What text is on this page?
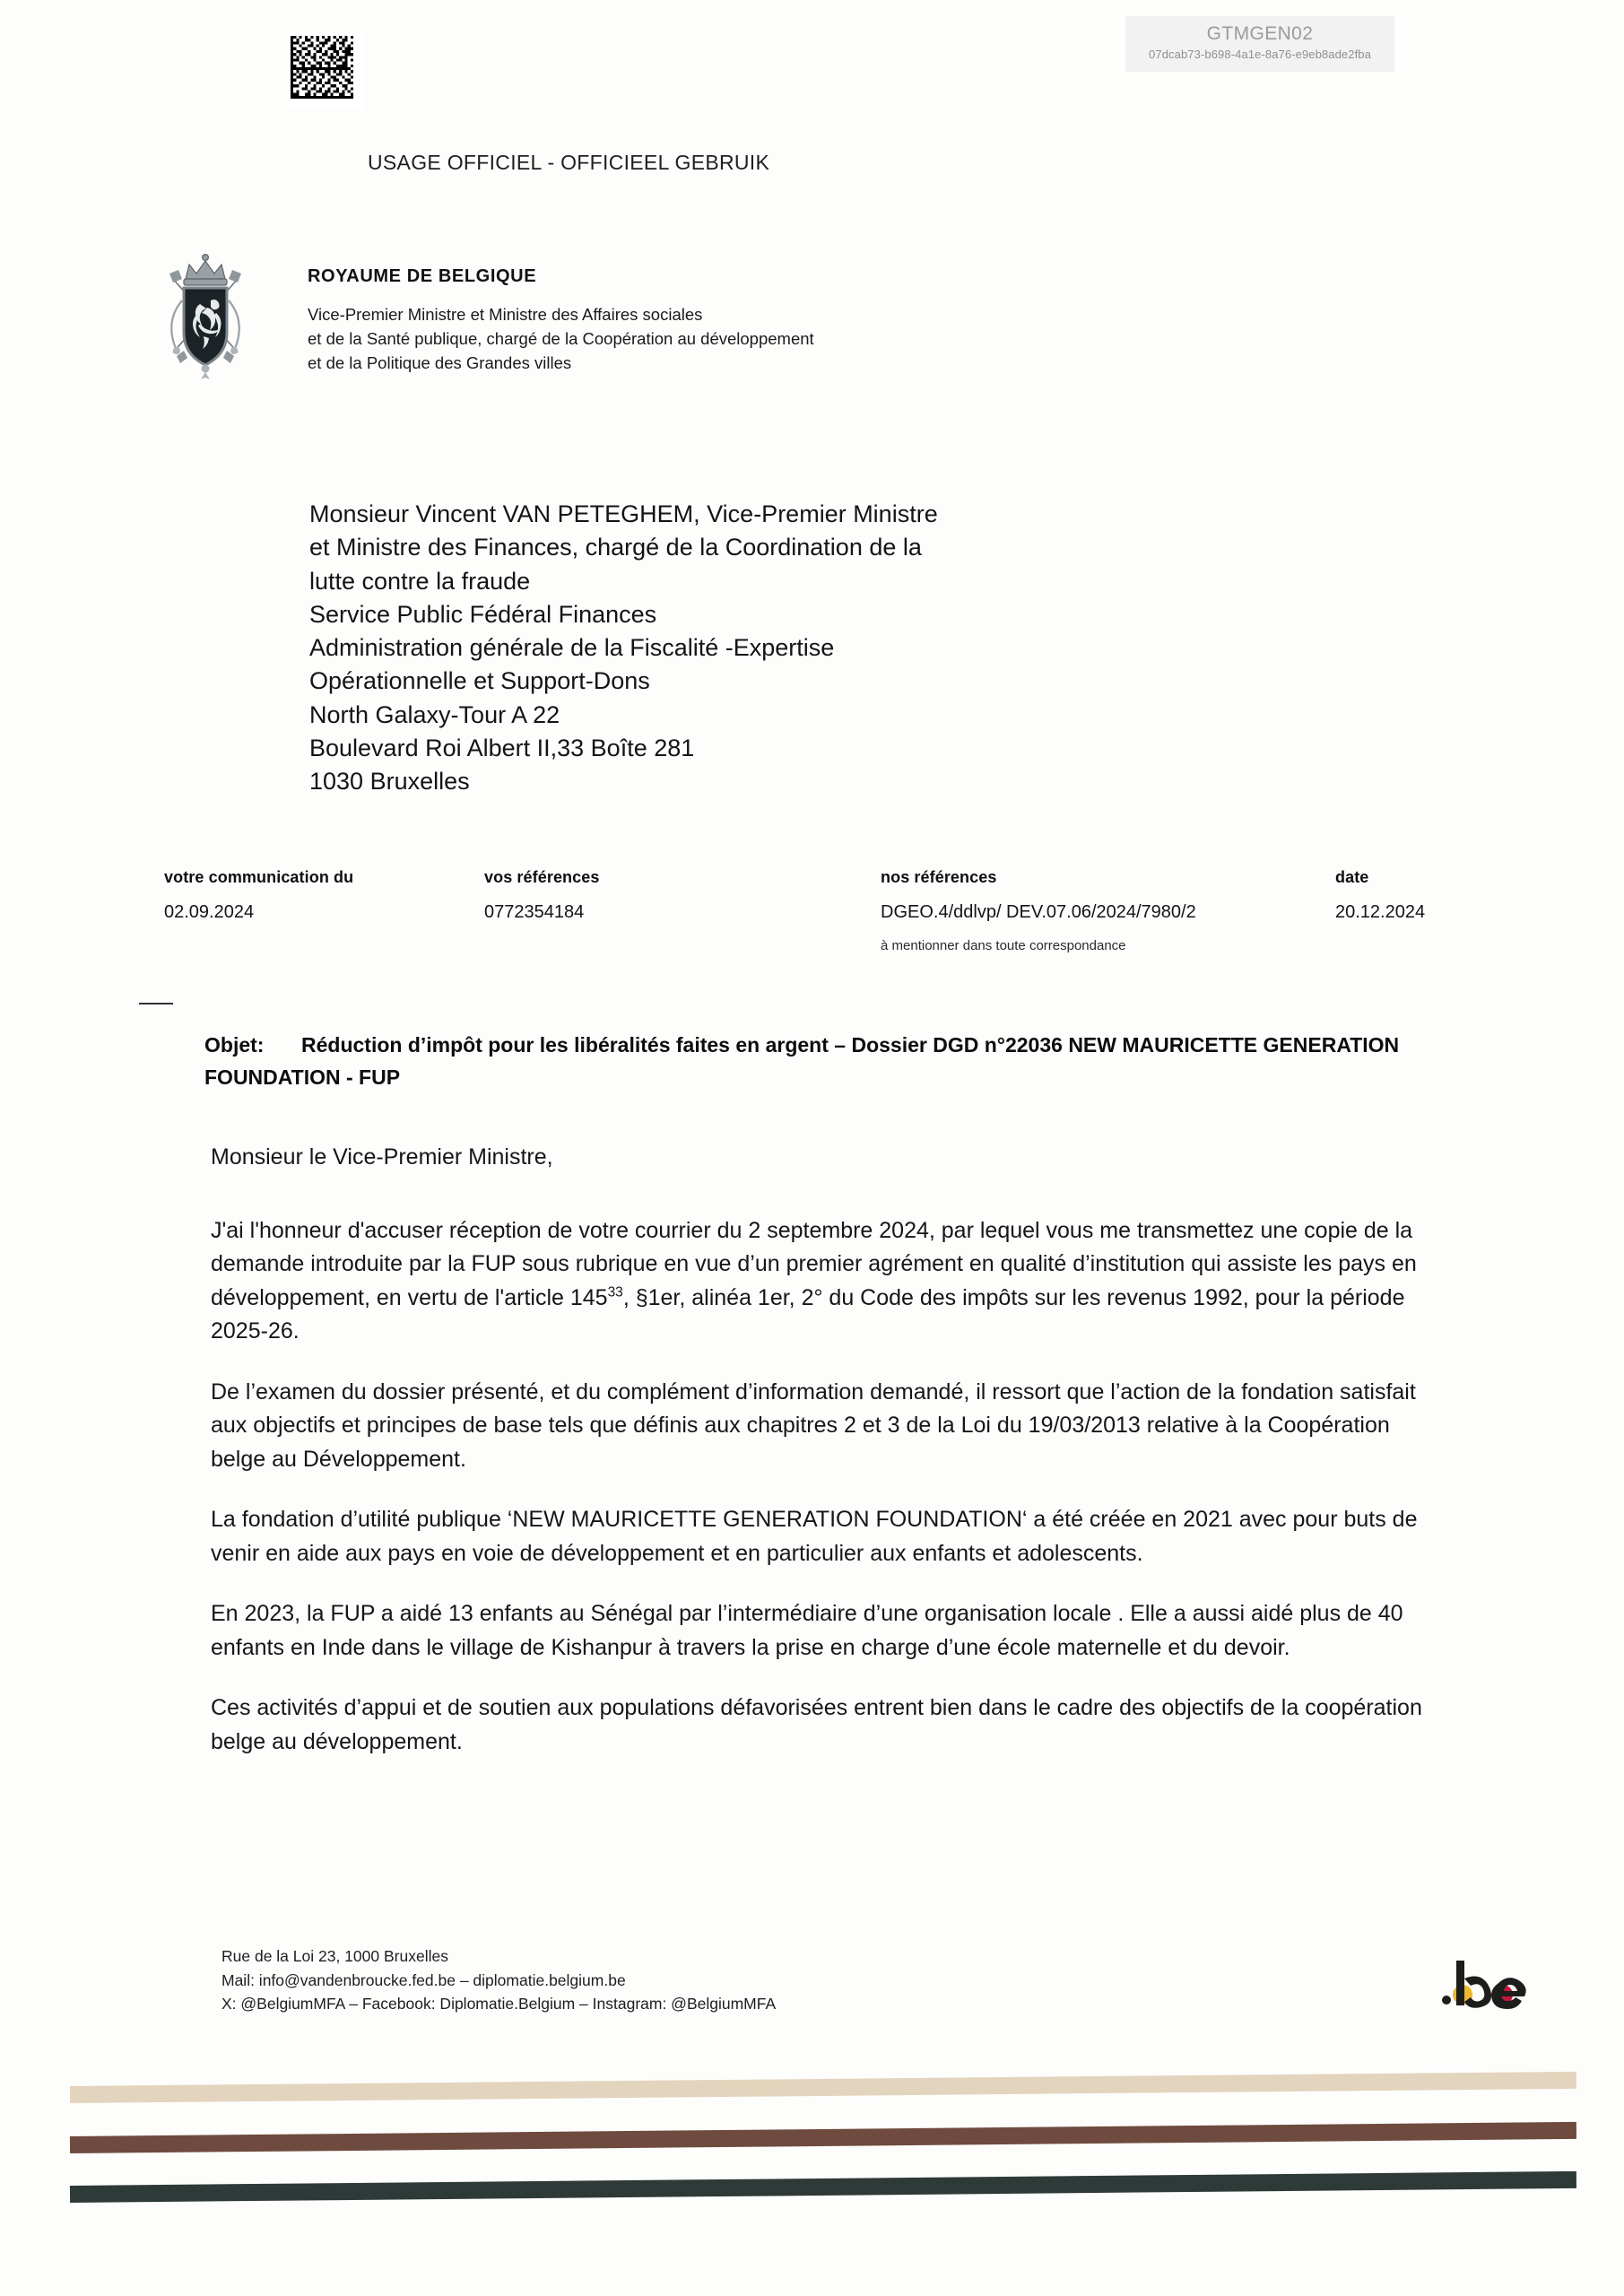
GTMGEN02
07dcab73-b698-4a1e-8a76-e9eb8ade2fba
USAGE OFFICIEL - OFFICIEEL GEBRUIK
ROYAUME DE BELGIQUE
Vice-Premier Ministre et Ministre des Affaires sociales
et de la Santé publique, chargé de la Coopération au développement
et de la Politique des Grandes villes
Monsieur Vincent VAN PETEGHEM, Vice-Premier Ministre
et Ministre des Finances, chargé de la Coordination de la
lutte contre la fraude
Service Public Fédéral Finances
Administration générale de la Fiscalité -Expertise
Opérationnelle et Support-Dons
North Galaxy-Tour A 22
Boulevard Roi Albert II,33 Boîte 281
1030 Bruxelles
votre communication du
02.09.2024
vos références
0772354184
nos références
DGEO.4/ddlvp/ DEV.07.06/2024/7980/2
à mentionner dans toute correspondance
date
20.12.2024
Objet: Réduction d’impôt pour les libéralités faites en argent – Dossier DGD n°22036 NEW MAURICETTE GENERATION FOUNDATION - FUP

Monsieur le Vice-Premier Ministre,

J'ai l'honneur d'accuser réception de votre courrier du 2 septembre 2024, par lequel vous me transmettez une copie de la demande introduite par la FUP sous rubrique en vue d’un premier agrément en qualité d’institution qui assiste les pays en développement, en vertu de l'article $145^{33}$, §1er, alinéa 1er, 2° du Code des impôts sur les revenus 1992, pour la période 2025-26.

De l’examen du dossier présenté, et du complément d’information demandé, il ressort que l’action de la fondation satisfait aux objectifs et principes de base tels que définis aux chapitres 2 et 3 de la Loi du 19/03/2013 relative à la Coopération belge au Développement.

La fondation d’utilité publique ‘NEW MAURICETTE GENERATION FOUNDATION‘ a été créée en 2021 avec pour buts de venir en aide aux pays en voie de développement et en particulier aux enfants et adolescents.

En 2023, la FUP a aidé 13 enfants au Sénégal par l’intermédiaire d’une organisation locale . Elle a aussi aidé plus de 40 enfants en Inde dans le village de Kishanpur à travers la prise en charge d’une école maternelle et du devoir.

Ces activités d’appui et de soutien aux populations défavorisées entrent bien dans le cadre des objectifs de la coopération belge au développement.

Rue de la Loi 23, 1000 Bruxelles
Mail: info@vandenbroucke.fed.be – diplomatie.belgium.be
X: @BelgiumMFA – Facebook: Diplomatie.Belgium – Instagram: @BelgiumMFA
